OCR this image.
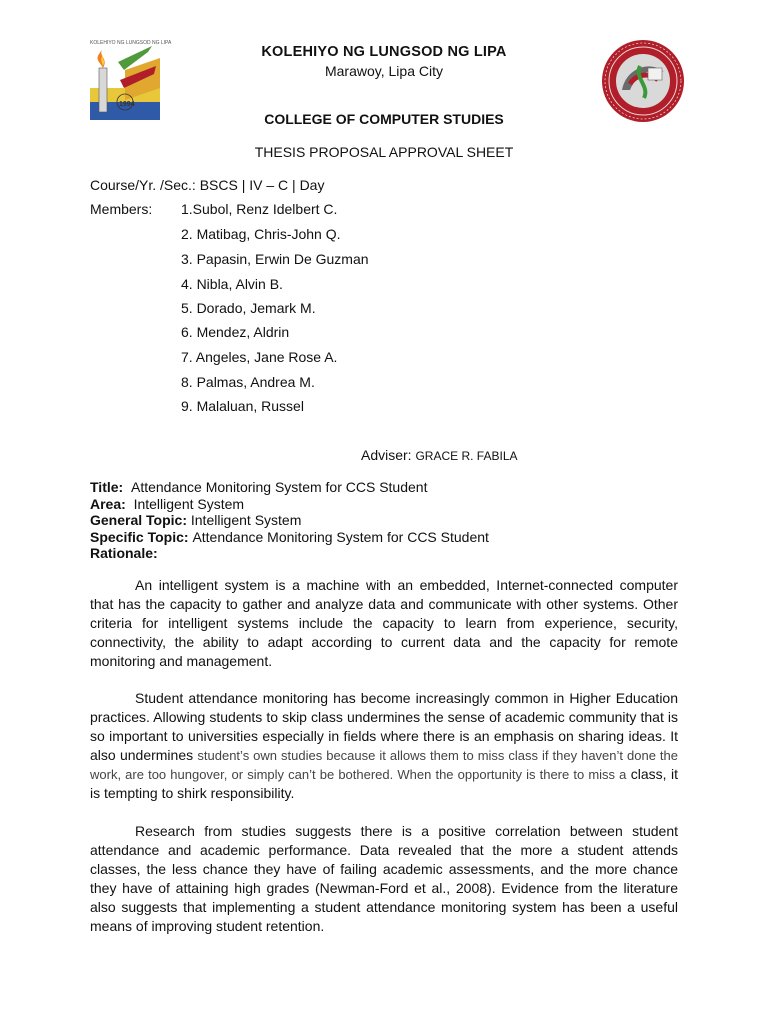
KOLEHIYO NG LUNGSOD NG LIPA
1994
KOLEHIYO NG LUNGSOD NG LIPA
Marawoy, Lipa City
COLLEGE OF COMPUTER STUDIES
THESIS PROPOSAL APPROVAL SHEET
Course/Yr. /Sec.: BSCS | IV – C | Day
Members: 1.Subol, Renz Idelbert C.
2. Matibag, Chris-John Q.
3. Papasin, Erwin De Guzman
4. Nibla, Alvin B.
5. Dorado, Jemark M.
6. Mendez, Aldrin
7. Angeles, Jane Rose A.
8. Palmas, Andrea M.
9. Malaluan, Russel
Adviser: GRACE R. FABILA
Title: Attendance Monitoring System for CCS Student
Area: Intelligent System
General Topic: Intelligent System
Specific Topic: Attendance Monitoring System for CCS Student
Rationale:

An intelligent system is a machine with an embedded, Internet-connected computer that has the capacity to gather and analyze data and communicate with other systems. Other criteria for intelligent systems include the capacity to learn from experience, security, connectivity, the ability to adapt according to current data and the capacity for remote monitoring and management.

Student attendance monitoring has become increasingly common in Higher Education practices. Allowing students to skip class undermines the sense of academic community that is so important to universities especially in fields where there is an emphasis on sharing ideas. It also undermines student’s own studies because it allows them to miss class if they haven’t done the work, are too hungover, or simply can’t be bothered. When the opportunity is there to miss a class, it is tempting to shirk responsibility.

Research from studies suggests there is a positive correlation between student attendance and academic performance. Data revealed that the more a student attends classes, the less chance they have of failing academic assessments, and the more chance they have of attaining high grades (Newman-Ford et al., 2008). Evidence from the literature also suggests that implementing a student attendance monitoring system has been a useful means of improving student retention.
